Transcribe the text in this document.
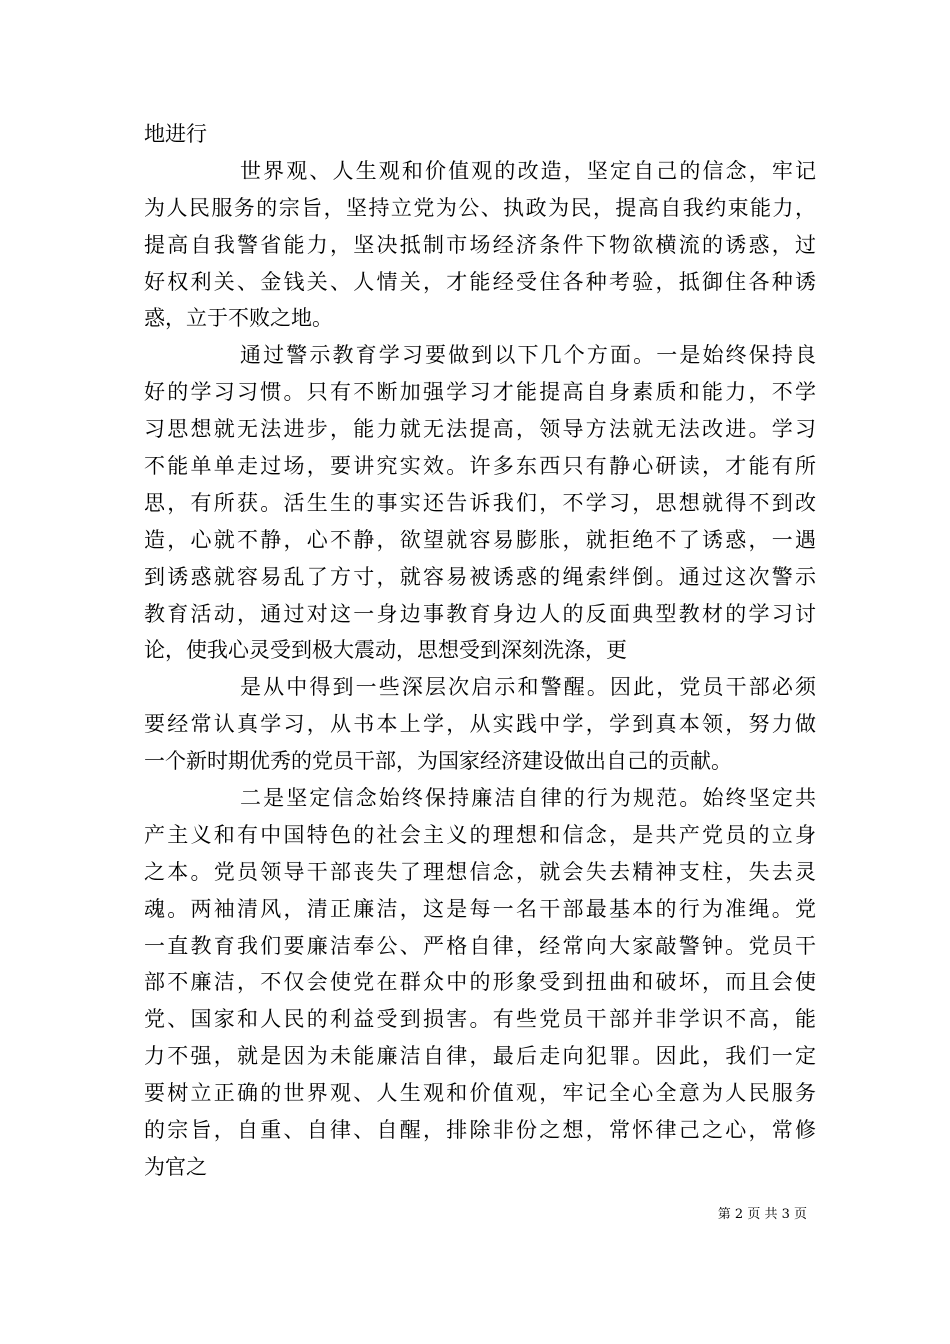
地进行
世界观、人生观和价值观的改造，坚定自己的信念，牢记
为人民服务的宗旨，坚持立党为公、执政为民，提高自我约束能力，
提高自我警省能力，坚决抵制市场经济条件下物欲横流的诱惑，过
好权利关、金钱关、人情关，才能经受住各种考验，抵御住各种诱
惑，立于不败之地。
通过警示教育学习要做到以下几个方面。一是始终保持良
好的学习习惯。只有不断加强学习才能提高自身素质和能力，不学
习思想就无法进步，能力就无法提高，领导方法就无法改进。学习
不能单单走过场，要讲究实效。许多东西只有静心研读，才能有所
思，有所获。活生生的事实还告诉我们，不学习，思想就得不到改
造，心就不静，心不静，欲望就容易膨胀，就拒绝不了诱惑，一遇
到诱惑就容易乱了方寸，就容易被诱惑的绳索绊倒。通过这次警示
教育活动，通过对这一身边事教育身边人的反面典型教材的学习讨
论，使我心灵受到极大震动，思想受到深刻洗涤，更
是从中得到一些深层次启示和警醒。因此，党员干部必须
要经常认真学习，从书本上学，从实践中学，学到真本领，努力做
一个新时期优秀的党员干部，为国家经济建设做出自己的贡献。
二是坚定信念始终保持廉洁自律的行为规范。始终坚定共
产主义和有中国特色的社会主义的理想和信念，是共产党员的立身
之本。党员领导干部丧失了理想信念，就会失去精神支柱，失去灵
魂。两袖清风，清正廉洁，这是每一名干部最基本的行为准绳。党
一直教育我们要廉洁奉公、严格自律，经常向大家敲警钟。党员干
部不廉洁，不仅会使党在群众中的形象受到扭曲和破坏，而且会使
党、国家和人民的利益受到损害。有些党员干部并非学识不高，能
力不强，就是因为未能廉洁自律，最后走向犯罪。因此，我们一定
要树立正确的世界观、人生观和价值观，牢记全心全意为人民服务
的宗旨，自重、自律、自醒，排除非份之想，常怀律己之心，常修
为官之
第 2 页 共 3 页
